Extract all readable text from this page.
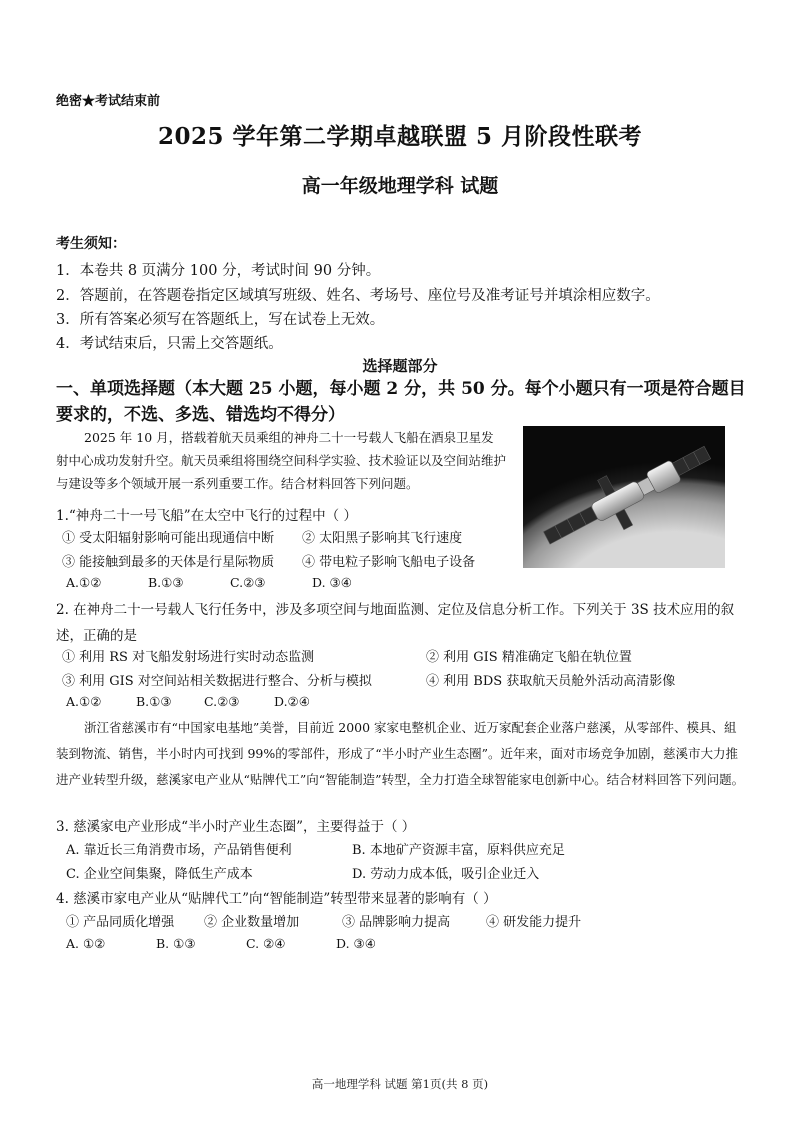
绝密★考试结束前
2025 学年第二学期卓越联盟 5 月阶段性联考
高一年级地理学科 试题
考生须知：
1．本卷共 8 页满分 100 分，考试时间 90 分钟。
2．答题前，在答题卷指定区域填写班级、姓名、考场号、座位号及准考证号并填涂相应数字。
3．所有答案必须写在答题纸上，写在试卷上无效。
4．考试结束后，只需上交答题纸。
选择题部分
一、单项选择题（本大题 25 小题，每小题 2 分，共 50 分。每个小题只有一项是符合题目要求的，不选、多选、错选均不得分）
2025 年 10 月，搭载着航天员乘组的神舟二十一号载人飞船在酒泉卫星发射中心成功发射升空。航天员乘组将围绕空间科学实验、技术验证以及空间站维护与建设等多个领域开展一系列重要工作。结合材料回答下列问题。
1.“神舟二十一号飞船”在太空中飞行的过程中（ ）
① 受太阳辐射影响可能出现通信中断 ② 太阳黑子影响其飞行速度
③ 能接触到最多的天体是行星际物质 ④ 带电粒子影响飞船电子设备
A.①②	B.①③	C.②③	D. ③④
2. 在神舟二十一号载人飞行任务中，涉及多项空间与地面监测、定位及信息分析工作。下列关于 3S 技术应用的叙述，正确的是
① 利用 RS 对飞船发射场进行实时动态监测	② 利用 GIS 精准确定飞船在轨位置
③ 利用 GIS 对空间站相关数据进行整合、分析与模拟	④ 利用 BDS 获取航天员舱外活动高清影像
A.①②	B.①③	C.②③	D.②④
浙江省慈溪市有“中国家电基地”美誉，目前近 2000 家家电整机企业、近万家配套企业落户慈溪，从零部件、模具、組装到物流、销售，半小时内可找到 99%的零部件，形成了“半小时产业生态圈”。近年来，面对市场竞争加剧，慈溪市大力推进产业转型升级，慈溪家电产业从“贴牌代工”向“智能制造”转型，全力打造全球智能家电创新中心。结合材料回答下列问题。
3. 慈溪家电产业形成“半小时产业生态圈”，主要得益于（ ）
A. 靠近长三角消费市场，产品销售便利	B. 本地矿产资源丰富，原料供应充足
C. 企业空间集聚，降低生产成本	D. 劳动力成本低，吸引企业迁入
4. 慈溪市家电产业从“贴牌代工”向“智能制造”转型带来显著的影响有（ ）
① 产品同质化增强 ② 企业数量增加	③ 品牌影响力提高	④ 研发能力提升
A. ①②	B. ①③	C. ②④	D. ③④
高一地理学科 试题 第1页(共 8 页)
